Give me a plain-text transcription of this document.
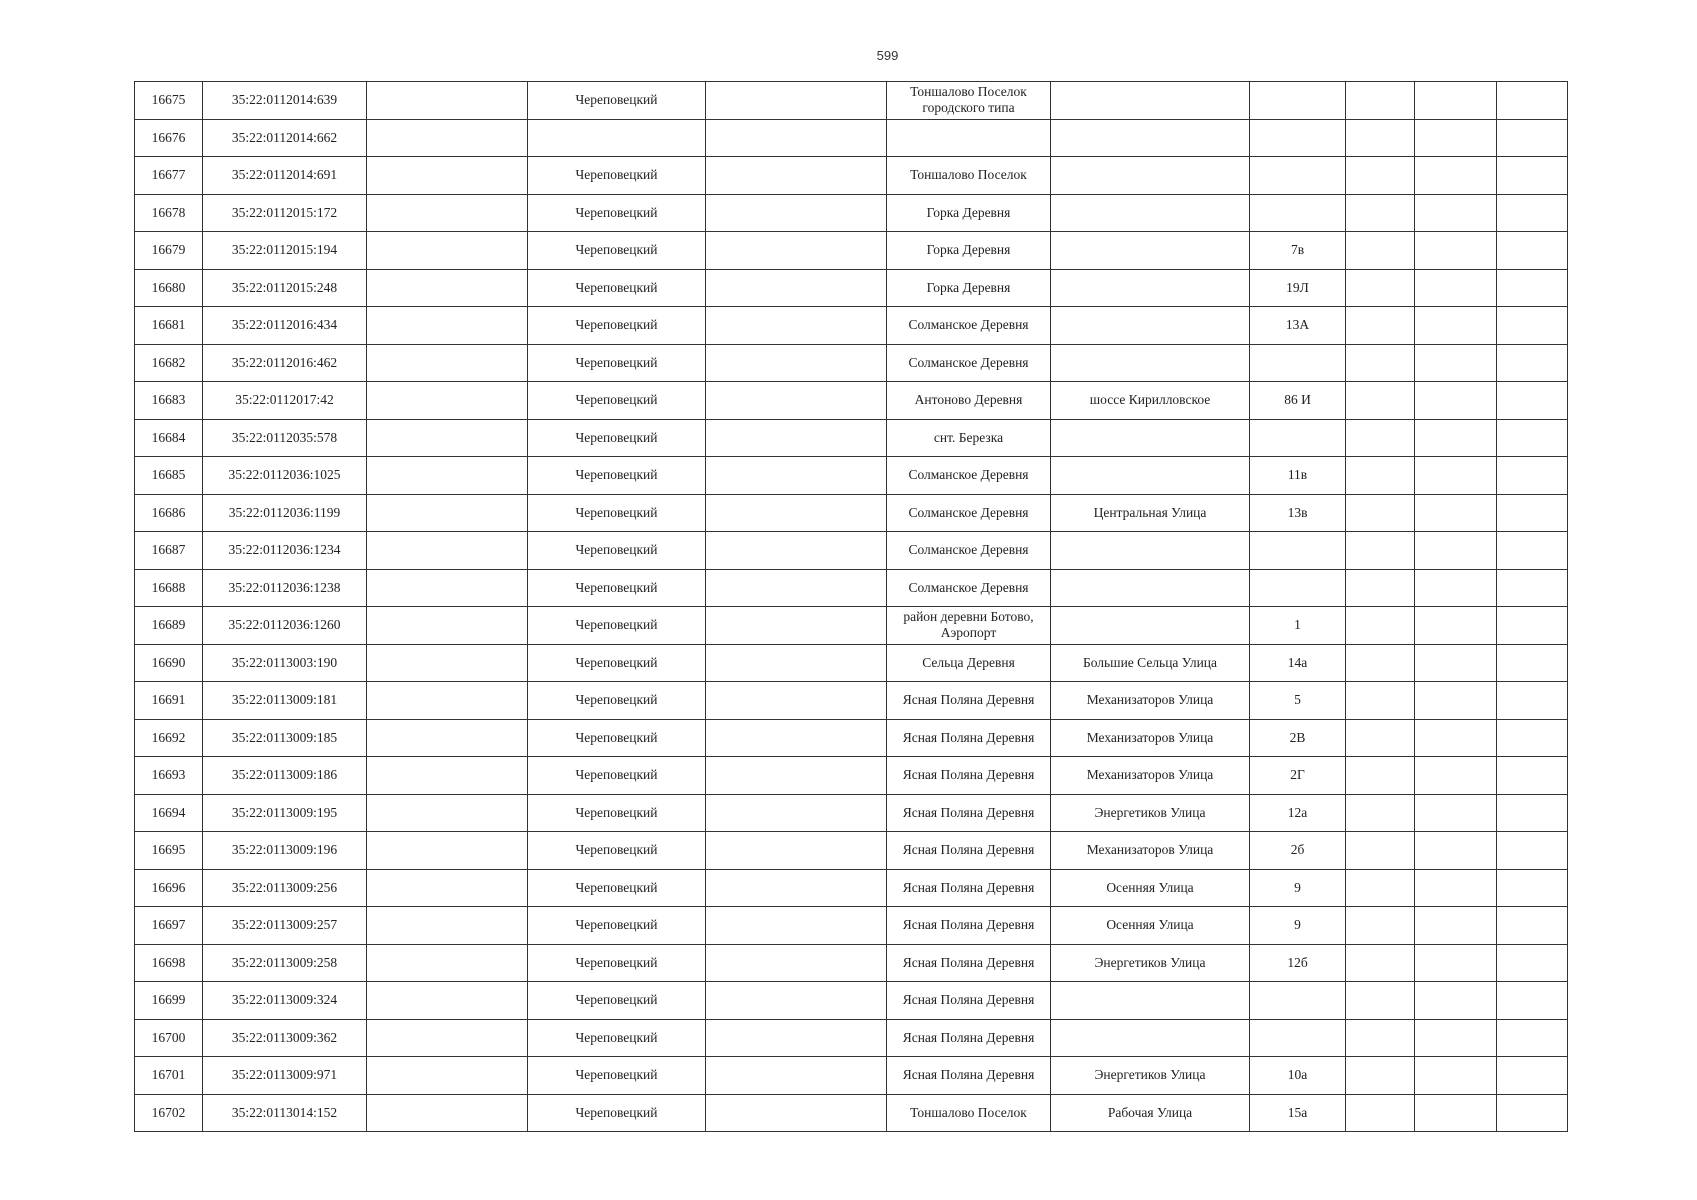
599
16675	35:22:0112014:639		Череповецкий		Тоншалово Поселок городского типа					
16676	35:22:0112014:662									
16677	35:22:0112014:691		Череповецкий		Тоншалово Поселок					
16678	35:22:0112015:172		Череповецкий		Горка Деревня					
16679	35:22:0112015:194		Череповецкий		Горка Деревня		7в			
16680	35:22:0112015:248		Череповецкий		Горка Деревня		19Л			
16681	35:22:0112016:434		Череповецкий		Солманское Деревня		13А			
16682	35:22:0112016:462		Череповецкий		Солманское Деревня					
16683	35:22:0112017:42		Череповецкий		Антоново Деревня	шоссе Кирилловское	86 И			
16684	35:22:0112035:578		Череповецкий		снт. Березка					
16685	35:22:0112036:1025		Череповецкий		Солманское Деревня		11в			
16686	35:22:0112036:1199		Череповецкий		Солманское Деревня	Центральная Улица	13в			
16687	35:22:0112036:1234		Череповецкий		Солманское Деревня					
16688	35:22:0112036:1238		Череповецкий		Солманское Деревня					
16689	35:22:0112036:1260		Череповецкий		район деревни Ботово, Аэропорт		1			
16690	35:22:0113003:190		Череповецкий		Сельца Деревня	Большие Сельца Улица	14а			
16691	35:22:0113009:181		Череповецкий		Ясная Поляна Деревня	Механизаторов Улица	5			
16692	35:22:0113009:185		Череповецкий		Ясная Поляна Деревня	Механизаторов Улица	2В			
16693	35:22:0113009:186		Череповецкий		Ясная Поляна Деревня	Механизаторов Улица	2Г			
16694	35:22:0113009:195		Череповецкий		Ясная Поляна Деревня	Энергетиков Улица	12а			
16695	35:22:0113009:196		Череповецкий		Ясная Поляна Деревня	Механизаторов Улица	2б			
16696	35:22:0113009:256		Череповецкий		Ясная Поляна Деревня	Осенняя Улица	9			
16697	35:22:0113009:257		Череповецкий		Ясная Поляна Деревня	Осенняя Улица	9			
16698	35:22:0113009:258		Череповецкий		Ясная Поляна Деревня	Энергетиков Улица	12б			
16699	35:22:0113009:324		Череповецкий		Ясная Поляна Деревня					
16700	35:22:0113009:362		Череповецкий		Ясная Поляна Деревня					
16701	35:22:0113009:971		Череповецкий		Ясная Поляна Деревня	Энергетиков Улица	10а			
16702	35:22:0113014:152		Череповецкий		Тоншалово Поселок	Рабочая Улица	15а			
